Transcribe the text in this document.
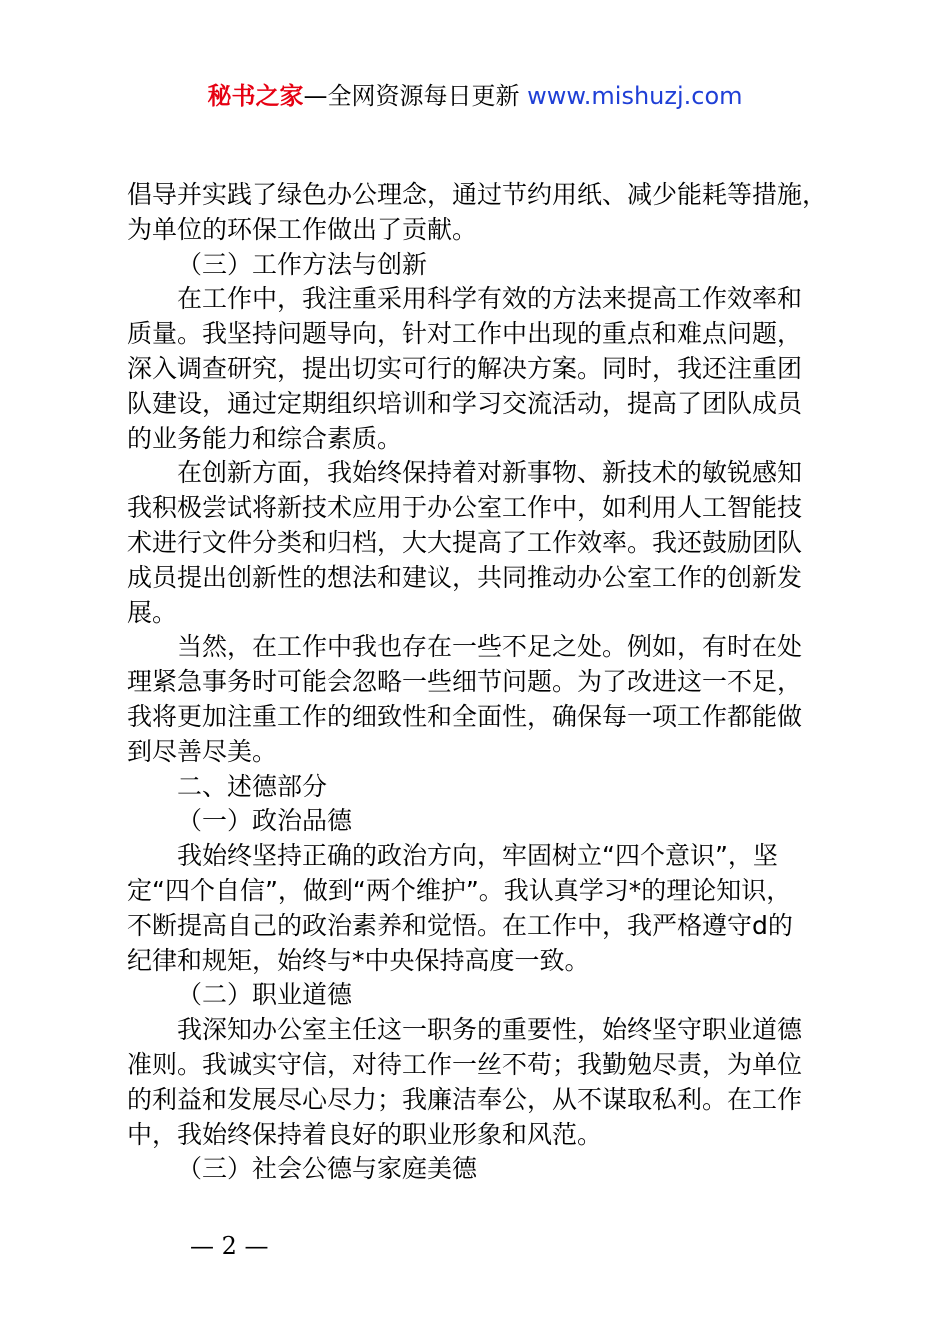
秘书之家—全网资源每日更新 www.mishuzj.com
倡导并实践了绿色办公理念，通过节约用纸、减少能耗等措施，
为单位的环保工作做出了贡献。
（三）工作方法与创新
在工作中，我注重采用科学有效的方法来提高工作效率和
质量。我坚持问题导向，针对工作中出现的重点和难点问题，
深入调查研究，提出切实可行的解决方案。同时，我还注重团
队建设，通过定期组织培训和学习交流活动，提高了团队成员
的业务能力和综合素质。
在创新方面，我始终保持着对新事物、新技术的敏锐感知
我积极尝试将新技术应用于办公室工作中，如利用人工智能技
术进行文件分类和归档，大大提高了工作效率。我还鼓励团队
成员提出创新性的想法和建议，共同推动办公室工作的创新发
展。
当然，在工作中我也存在一些不足之处。例如，有时在处
理紧急事务时可能会忽略一些细节问题。为了改进这一不足，
我将更加注重工作的细致性和全面性，确保每一项工作都能做
到尽善尽美。
二、述德部分
（一）政治品德
我始终坚持正确的政治方向，牢固树立“四个意识”，坚
定“四个自信”，做到“两个维护”。我认真学习*的理论知识，
不断提高自己的政治素养和觉悟。在工作中，我严格遵守d的
纪律和规矩，始终与*中央保持高度一致。
（二）职业道德
我深知办公室主任这一职务的重要性，始终坚守职业道德
准则。我诚实守信，对待工作一丝不苟；我勤勉尽责，为单位
的利益和发展尽心尽力；我廉洁奉公，从不谋取私利。在工作
中，我始终保持着良好的职业形象和风范。
（三）社会公德与家庭美德
— 2 —
